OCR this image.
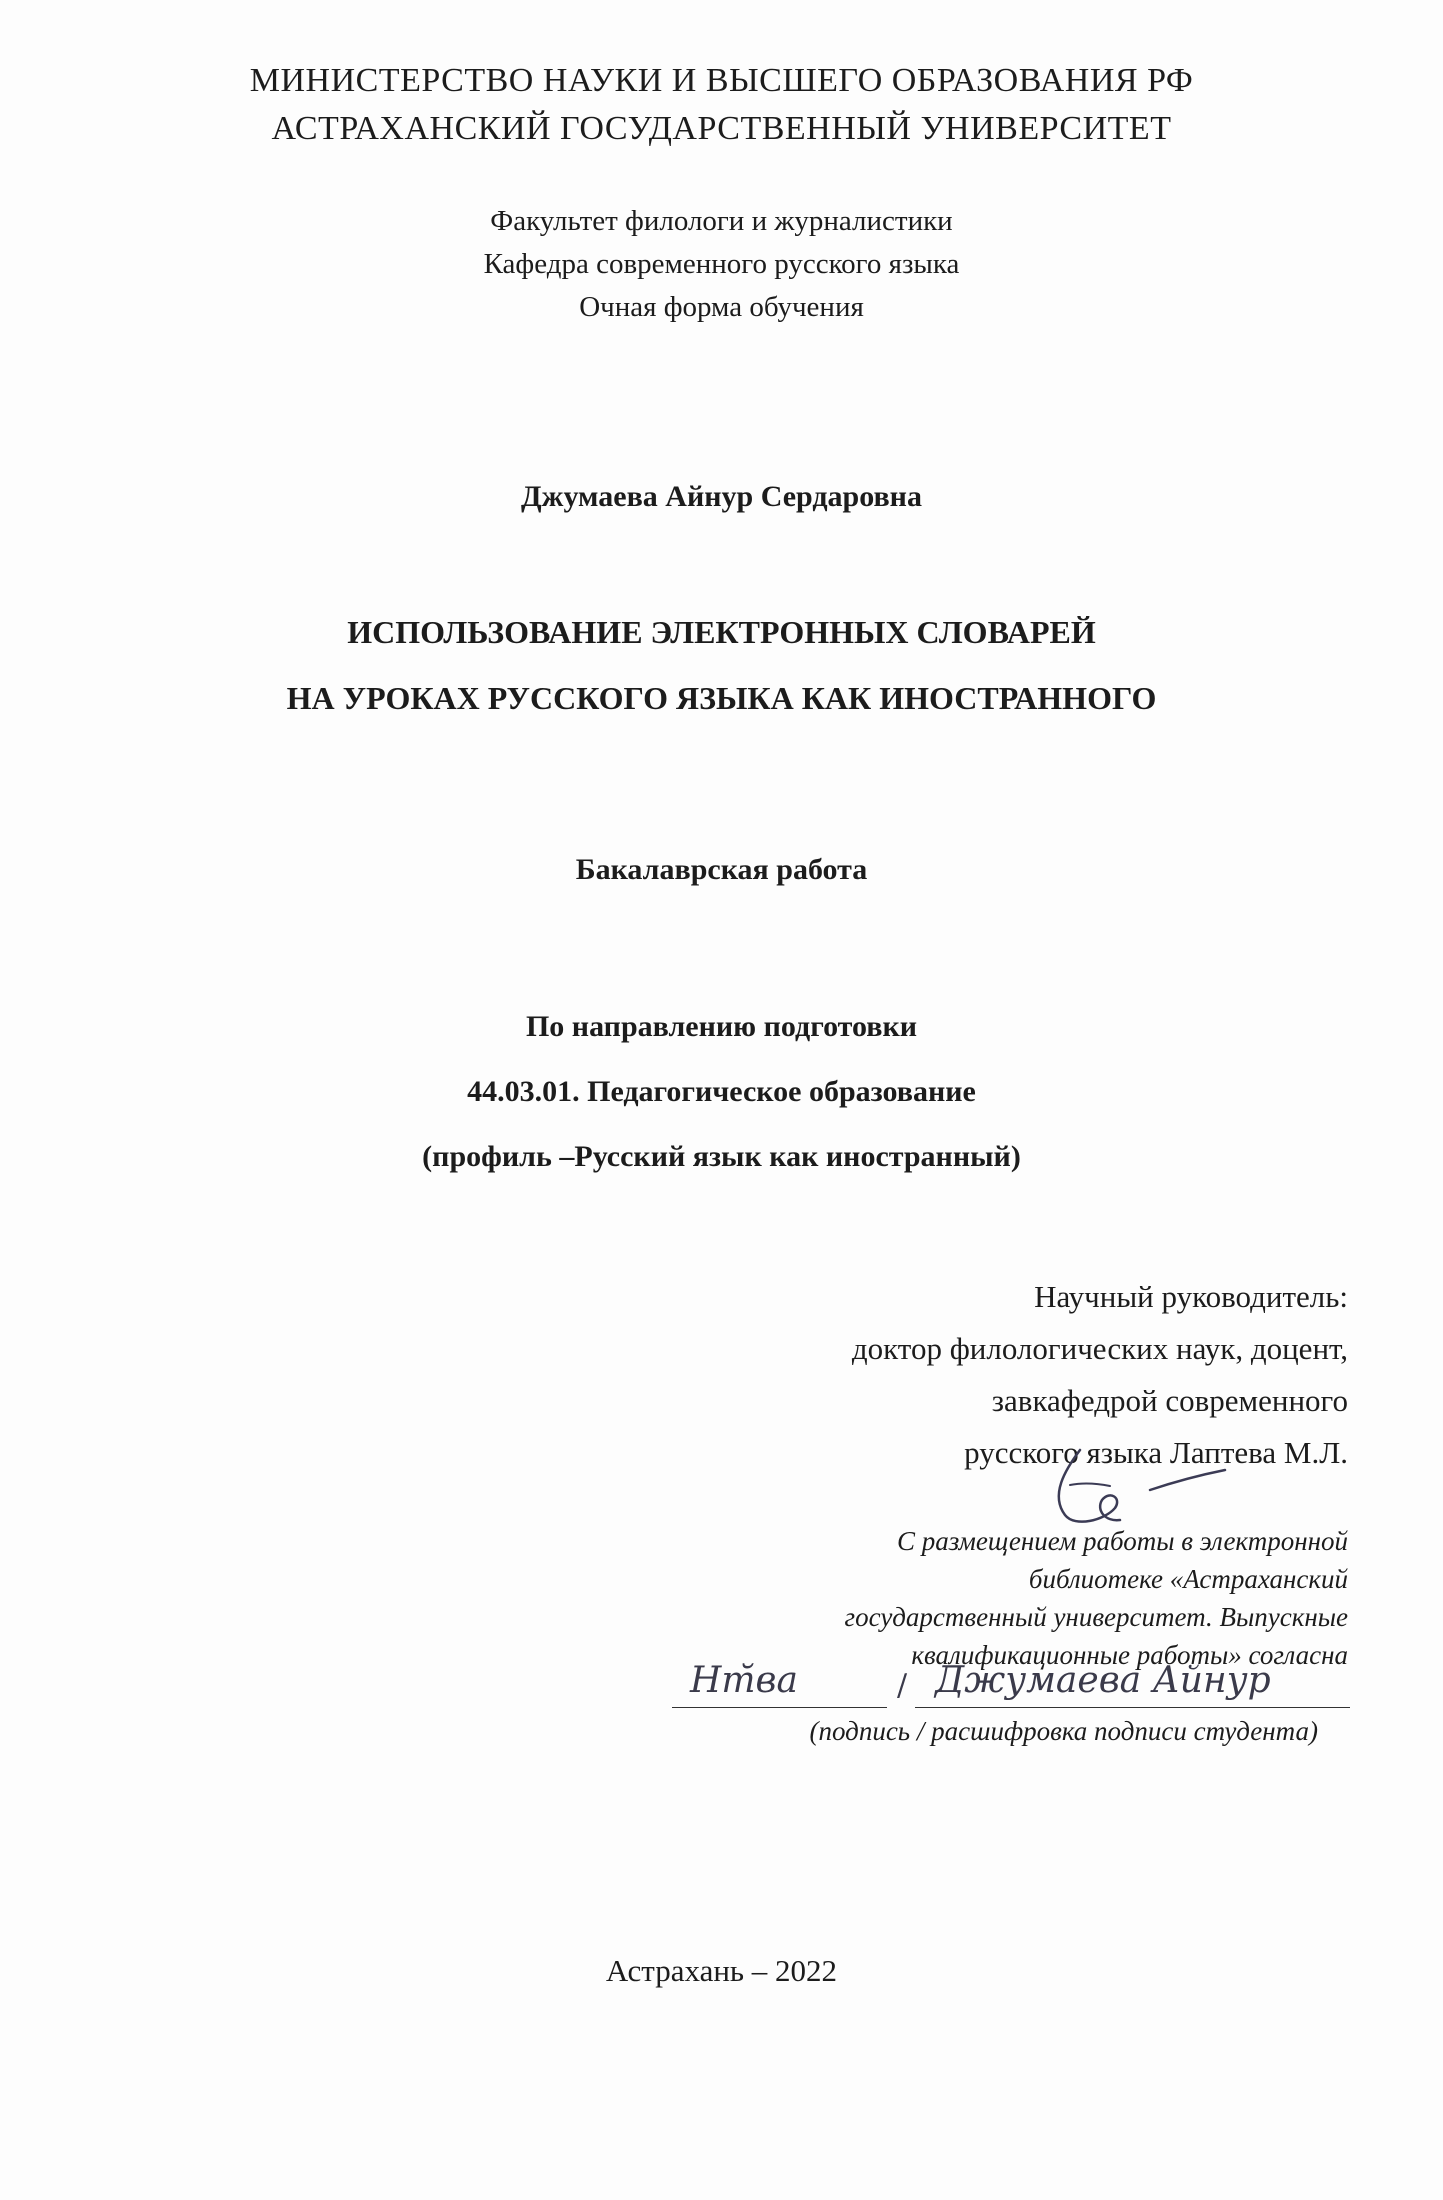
МИНИСТЕРСТВО НАУКИ И ВЫСШЕГО ОБРАЗОВАНИЯ РФ
АСТРАХАНСКИЙ ГОСУДАРСТВЕННЫЙ УНИВЕРСИТЕТ
Факультет филологи и журналистики
Кафедра современного русского языка
Очная форма обучения
Джумаева Айнур Сердаровна
ИСПОЛЬЗОВАНИЕ ЭЛЕКТРОННЫХ СЛОВАРЕЙ
НА УРОКАХ РУССКОГО ЯЗЫКА КАК ИНОСТРАННОГО
Бакалаврская работа
По направлению подготовки
44.03.01. Педагогическое образование
(профиль –Русский язык как иностранный)
Научный руководитель:
доктор филологических наук, доцент,
завкафедрой современного
русского языка Лаптева М.Л.
С размещением работы в электронной
библиотеке «Астраханский
государственный университет. Выпускные
квалификационные работы» согласна
/
Нт̆ва	Джумаева Айнур
(подпись / расшифровка подписи студента)
Астрахань – 2022
